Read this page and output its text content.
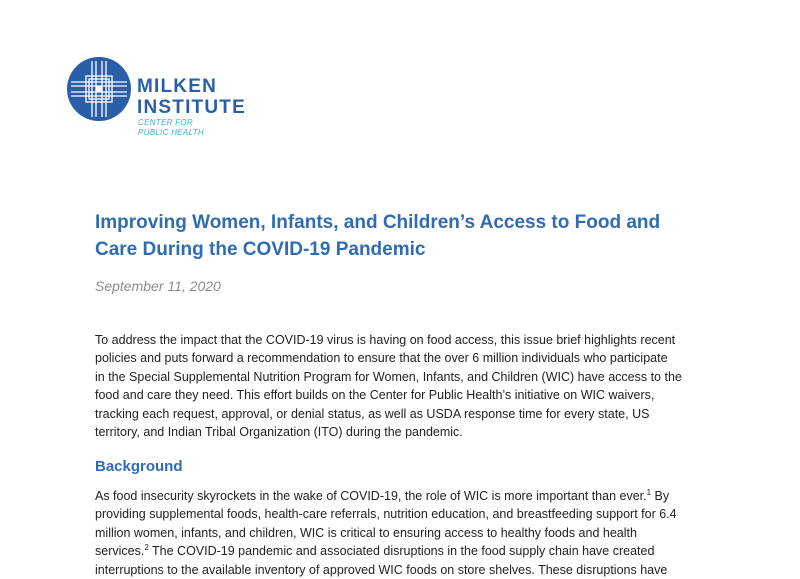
MILKEN
INSTITUTE
CENTER FOR
PUBLIC HEALTH
Improving Women, Infants, and Children’s Access to Food and
Care During the COVID-19 Pandemic
September 11, 2020

To address the impact that the COVID-19 virus is having on food access, this issue brief highlights recent
policies and puts forward a recommendation to ensure that the over 6 million individuals who participate
in the Special Supplemental Nutrition Program for Women, Infants, and Children (WIC) have access to the
food and care they need. This effort builds on the Center for Public Health’s initiative on WIC waivers,
tracking each request, approval, or denial status, as well as USDA response time for every state, US
territory, and Indian Tribal Organization (ITO) during the pandemic.

Background

As food insecurity skyrockets in the wake of COVID-19, the role of WIC is more important than ever.$^1$ By
providing supplemental foods, health-care referrals, nutrition education, and breastfeeding support for 6.4
million women, infants, and children, WIC is critical to ensuring access to healthy foods and health
services.$^2$ The COVID-19 pandemic and associated disruptions in the food supply chain have created
interruptions to the available inventory of approved WIC foods on store shelves. These disruptions have
